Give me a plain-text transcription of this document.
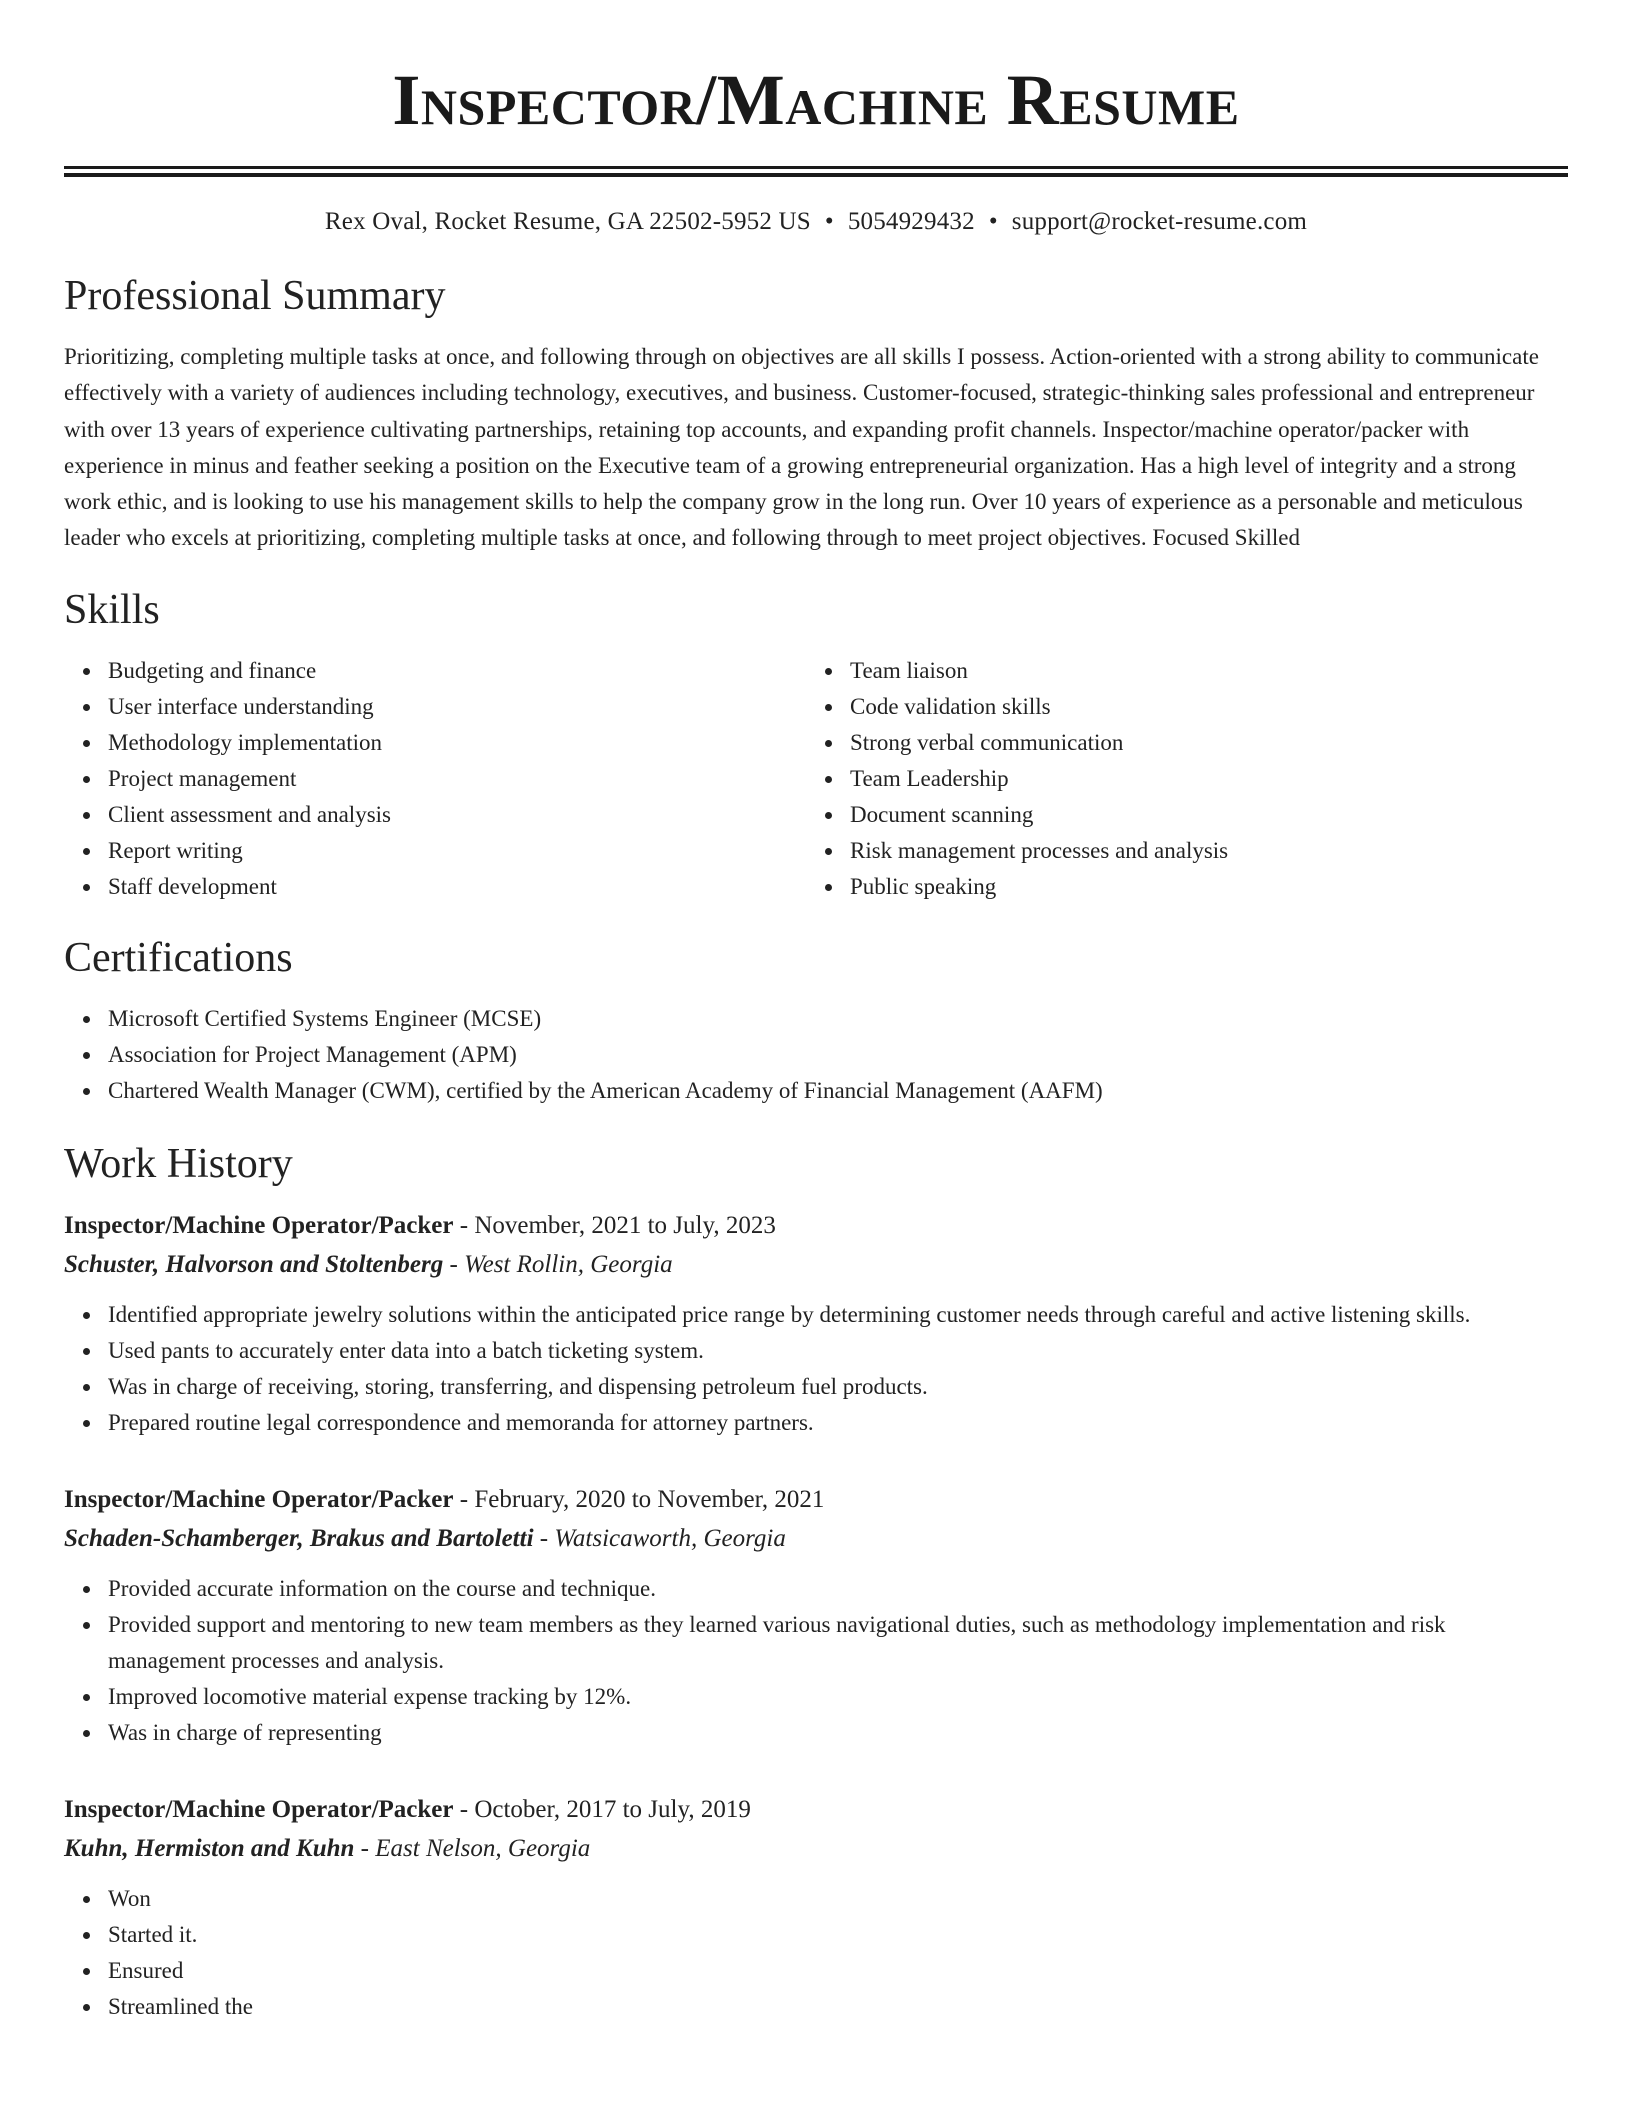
Inspector/Machine Resume
Rex Oval, Rocket Resume, GA 22502-5952 US • 5054929432 • support@rocket-resume.com
Professional Summary
Prioritizing, completing multiple tasks at once, and following through on objectives are all skills I possess. Action-oriented with a strong ability to communicate effectively with a variety of audiences including technology, executives, and business. Customer-focused, strategic-thinking sales professional and entrepreneur with over 13 years of experience cultivating partnerships, retaining top accounts, and expanding profit channels. Inspector/machine operator/packer with experience in minus and feather seeking a position on the Executive team of a growing entrepreneurial organization. Has a high level of integrity and a strong work ethic, and is looking to use his management skills to help the company grow in the long run. Over 10 years of experience as a personable and meticulous leader who excels at prioritizing, completing multiple tasks at once, and following through to meet project objectives. Focused Skilled
Skills
Budgeting and finance
User interface understanding
Methodology implementation
Project management
Client assessment and analysis
Report writing
Staff development
Team liaison
Code validation skills
Strong verbal communication
Team Leadership
Document scanning
Risk management processes and analysis
Public speaking
Certifications
Microsoft Certified Systems Engineer (MCSE)
Association for Project Management (APM)
Chartered Wealth Manager (CWM), certified by the American Academy of Financial Management (AAFM)
Work History
Inspector/Machine Operator/Packer - November, 2021 to July, 2023
Schuster, Halvorson and Stoltenberg - West Rollin, Georgia
Identified appropriate jewelry solutions within the anticipated price range by determining customer needs through careful and active listening skills.
Used pants to accurately enter data into a batch ticketing system.
Was in charge of receiving, storing, transferring, and dispensing petroleum fuel products.
Prepared routine legal correspondence and memoranda for attorney partners.
Inspector/Machine Operator/Packer - February, 2020 to November, 2021
Schaden-Schamberger, Brakus and Bartoletti - Watsicaworth, Georgia
Provided accurate information on the course and technique.
Provided support and mentoring to new team members as they learned various navigational duties, such as methodology implementation and risk management processes and analysis.
Improved locomotive material expense tracking by 12%.
Was in charge of representing
Inspector/Machine Operator/Packer - October, 2017 to July, 2019
Kuhn, Hermiston and Kuhn - East Nelson, Georgia
Won
Started it.
Ensured
Streamlined the
